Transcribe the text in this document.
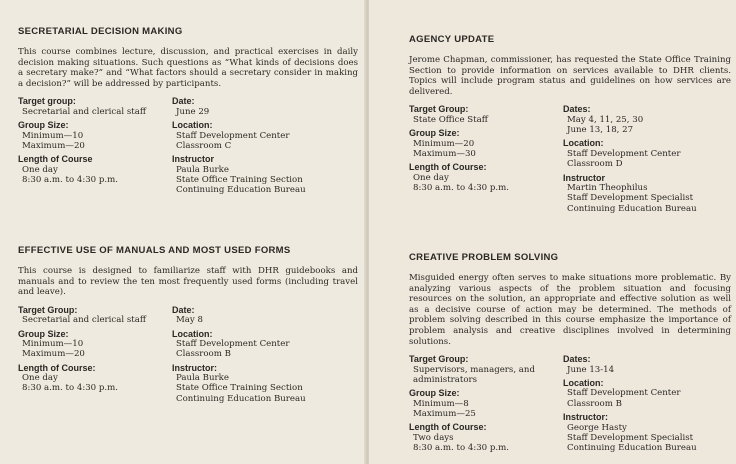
SECRETARIAL DECISION MAKING
This course combines lecture, discussion, and practical exercises in daily decision making situations. Such questions as “What kinds of decisions does a secretary make?” and “What factors should a secretary consider in making a decision?” will be addressed by participants.
Target group:
Secretarial and clerical staff
Group Size:
Minimum—10
Maximum—20
Length of Course
One day
8:30 a.m. to 4:30 p.m.
Date:
June 29
Location:
Staff Development Center
Classroom C
Instructor
Paula Burke
State Office Training Section
Continuing Education Bureau
EFFECTIVE USE OF MANUALS AND MOST USED FORMS
This course is designed to familiarize staff with DHR guidebooks and manuals and to review the ten most frequently used forms (including travel and leave).
Target Group:
Secretarial and clerical staff
Group Size:
Minimum—10
Maximum—20
Length of Course:
One day
8:30 a.m. to 4:30 p.m.
Date:
May 8
Location:
Staff Development Center
Classroom B
Instructor:
Paula Burke
State Office Training Section
Continuing Education Bureau
AGENCY UPDATE
Jerome Chapman, commissioner, has requested the State Office Training Section to provide information on services available to DHR clients. Topics will include program status and guidelines on how services are delivered.
Target Group:
State Office Staff
Group Size:
Minimum—20
Maximum—30
Length of Course:
One day
8:30 a.m. to 4:30 p.m.
Dates:
May 4, 11, 25, 30
June 13, 18, 27
Location:
Staff Development Center
Classroom D
Instructor
Martin Theophilus
Staff Development Specialist
Continuing Education Bureau
CREATIVE PROBLEM SOLVING
Misguided energy often serves to make situations more problematic. By analyzing various aspects of the problem situation and focusing resources on the solution, an appropriate and effective solution as well as a decisive course of action may be determined. The methods of problem solving described in this course emphasize the importance of problem analysis and creative disciplines involved in determining solutions.
Target Group:
Supervisors, managers, and
administrators
Group Size:
Minimum—8
Maximum—25
Length of Course:
Two days
8:30 a.m. to 4:30 p.m.
Dates:
June 13-14
Location:
Staff Development Center
Classroom B
Instructor:
George Hasty
Staff Development Specialist
Continuing Education Bureau
